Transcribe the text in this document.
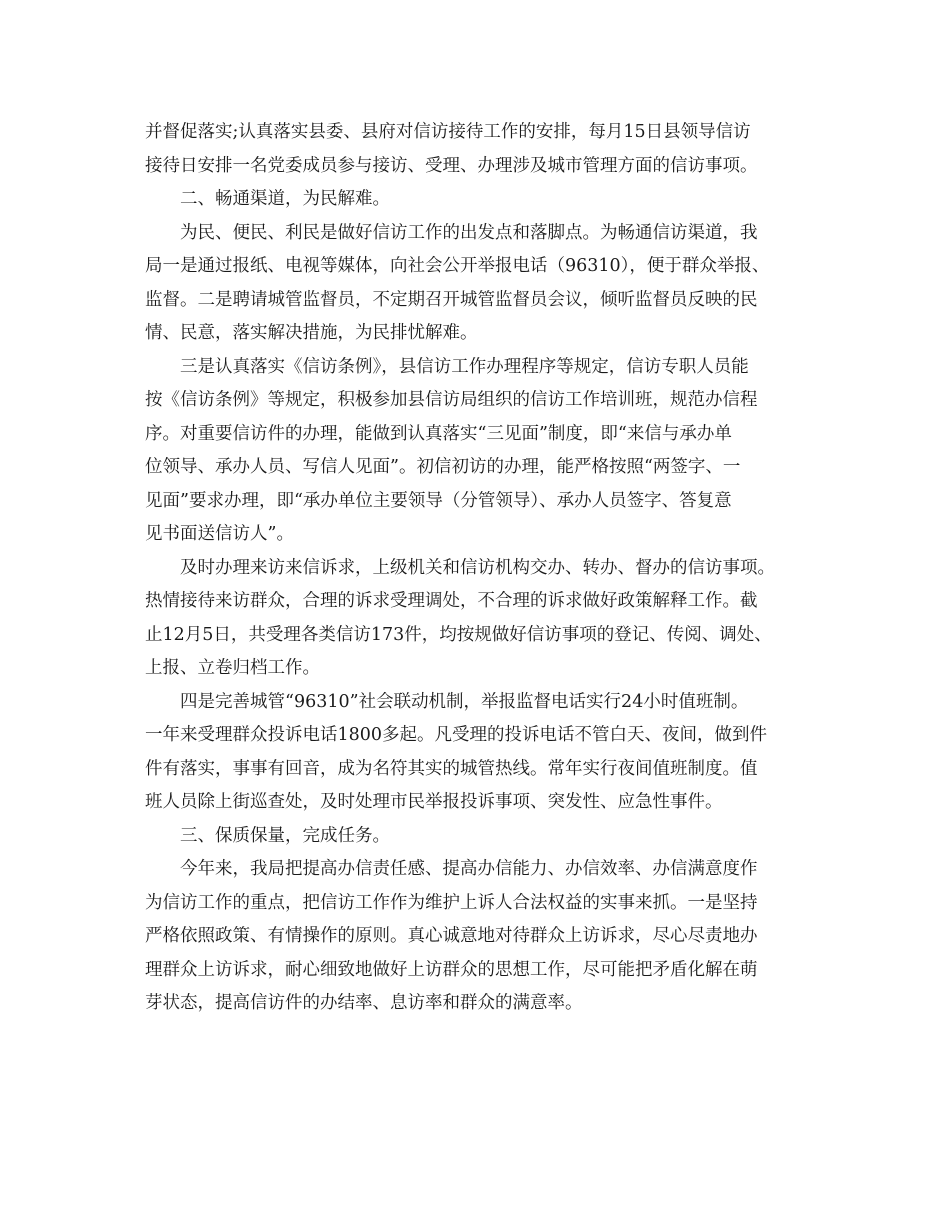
并督促落实;认真落实县委、县府对信访接待工作的安排，每月15日县领导信访
接待日安排一名党委成员参与接访、受理、办理涉及城市管理方面的信访事项。
二、畅通渠道，为民解难。
为民、便民、利民是做好信访工作的出发点和落脚点。为畅通信访渠道，我
局一是通过报纸、电视等媒体，向社会公开举报电话（96310），便于群众举报、
监督。二是聘请城管监督员，不定期召开城管监督员会议，倾听监督员反映的民
情、民意，落实解决措施，为民排忧解难。
三是认真落实《信访条例》，县信访工作办理程序等规定，信访专职人员能
按《信访条例》等规定，积极参加县信访局组织的信访工作培训班，规范办信程
序。对重要信访件的办理，能做到认真落实“三见面”制度，即“来信与承办单
位领导、承办人员、写信人见面”。初信初访的办理，能严格按照“两签字、一
见面”要求办理，即“承办单位主要领导（分管领导）、承办人员签字、答复意
见书面送信访人”。
及时办理来访来信诉求，上级机关和信访机构交办、转办、督办的信访事项。
热情接待来访群众，合理的诉求受理调处，不合理的诉求做好政策解释工作。截
止12月5日，共受理各类信访173件，均按规做好信访事项的登记、传阅、调处、
上报、立卷归档工作。
四是完善城管“96310”社会联动机制，举报监督电话实行24小时值班制。
一年来受理群众投诉电话1800多起。凡受理的投诉电话不管白天、夜间，做到件
件有落实，事事有回音，成为名符其实的城管热线。常年实行夜间值班制度。值
班人员除上街巡查处，及时处理市民举报投诉事项、突发性、应急性事件。
三、保质保量，完成任务。
今年来，我局把提高办信责任感、提高办信能力、办信效率、办信满意度作
为信访工作的重点，把信访工作作为维护上诉人合法权益的实事来抓。一是坚持
严格依照政策、有情操作的原则。真心诚意地对待群众上访诉求，尽心尽责地办
理群众上访诉求，耐心细致地做好上访群众的思想工作，尽可能把矛盾化解在萌
芽状态，提高信访件的办结率、息访率和群众的满意率。
